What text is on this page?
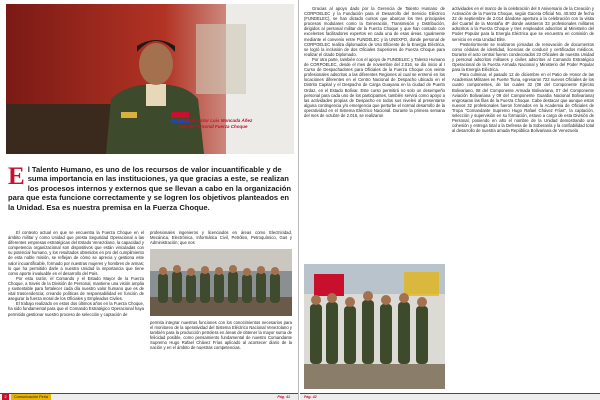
Coronel Víctor Luis Moncada Áñez
Jefe de Personal Fuerza Choque
El Talento Humano, es uno de los recursos de valor incuantificable y de suma importancia en las instituciones, ya que gracias a este, se realizan los procesos internos y externos que se llevan a cabo en la organización para que esta funcione correctamente y se logren los objetivos planteados en la Unidad. Esa es nuestra premisa en la Fuerza Choque.

El contexto actual en que se encuentra la Fuerza Choque en el ámbito militar y como Unidad que presta Seguridad Operacional a las diferentes empresas estratégicas del Estado Venezolano, la capacidad y competencia organizacional son dispositivos que están vinculadas con su potencial humano, y los resultados obtenidos en pro del cumplimiento de esta noble misión, se reflejan de cómo se aprecia y gestiona este valor incuantificable, formado por nuestras mujeres y hombres de armas; lo que ha permitido darle a nuestra Unidad la importancia que tiene como aporte invaluable en el desarrollo del País.

Por esta razón, el Comando y el Estado Mayor de la Fuerza Choque, a través de la División de Personal, mantiene una visión amplia y sustentable para fortalecer cada día nuestro valor humano que es de vital trascendencia; creando políticas de responsabilidad en función de asegurar la fuerza moral de los Oficiales y Empleados Civiles.

El trabajo realizado en estos dos últimos años en la Fuerza Choque, ha sido fundamental para que el Comando Estratégico Operacional haya permitido gestionar nuestro proceso de selección y captación de

profesionales ingenieros y licenciados en áreas como Electricidad, Mecánica, Electrónica, Informática Civil, Petróleo, Petroquímico, Gas y Administración; que nos

permita integrar nuestras funciones con los conocimientos necesarios para el monitoreo de la operatividad del Sistema Eléctrico Nacional Venezolano y también para la producción petrolera en áreas de obtener la mayor suma de felicidad posible, como pensamiento fundamental de nuestro Comandante Supremo Hugo Rafael Chávez Frías aplicado al acontecer diario de la nación y en el ámbito de nuestras competencias.

2	Comunicación Perla	Pág. 41

Gracias al apoyo dado por la Gerencia de Talento Humano de CORPOELEC y la Fundación para el Desarrollo del Servicio Eléctrico (FUNDELEC), se han dictado cursos que abarcan los tres principales procesos modulares como la Generación, Transmisión y Distribución, dirigidos al personal militar de la Fuerza Choque y que han contado con excelentes facilitadores expertos en cada una de esas áreas. Igualmente mediante el convenio entre FUNDELEC y la UNEXPO, donde personal de CORPOELEC realiza diplomados de Uso Eficiente de la Energía Eléctrica, se logró la inclusión de dos Oficiales Superiores de Fuerza Choque para realizar el citado Diplomado.

Por otra parte, también con el apoyo de FUNDELEC y Talento Humano de CORPOELEC, desde el mes de noviembre del 2.016, se dio inicio al I Curso de Despachadores para Oficiales de la Fuerza Choque con veinte profesionales adscritos a las diferentes Regiones al cual se entrenó en los locaciones diferentes en el Centro Nacional de Despacho ubicado en el Distrito Capital y el Despacho de Carga Guayana en la ciudad de Puerto Ordaz, en el Estado Bolívar. Este curso permitirá no solo un desempeño personal para cada uno de los participantes, también servirá como apoyo a las actividades propias de Despacho en todos sus niveles al presentarse alguna contingencia y/o emergencia que perturbe el normal desarrollo de la operatividad en el Sistema Eléctrico Nacional. Durante la primera semana del mes de octubre de 2.016, se realizaron

actividades en el marco de la celebración del II Aniversario de la Creación y Activación de la Fuerza Choque, según Gaceta Oficial No. 40.502 de fecha 22 de septiembre de 2.014 dándose apertura a la celebración con la visita del Cuartel de la Montaña 4F donde asistieron 33 profesionales militares adscritos a la Fuerza Choque y tres empleados adscritos al Ministerio del Poder Popular para la Energía Eléctrica que se encuentra en comisión de servicio en esta Unidad Elite.

Posteriormente se realizaron jornadas de renovación de documentos como cédulas de identidad, licencias de conducir y certificados médicos. Durante el acto central fueron condecorados 23 Oficiales de nuestra Unidad y personal adscritos militares y civiles adscritos al Comando Estratégico Operacional de la Fuerza Armada Nacional y Ministerio del Poder Popular para la Energía Eléctrica.

Para culminar, el pasado 12 de diciembre en el Patio de Honor de las Academias Militares en Fuerte Tiuna, egresaron 722 nuevos Oficiales de los cuatro componentes, de los cuales 32 (08 del Componente Ejército Bolivariano, 08 del Componente Armada Bolivariana, 07 del Componente Aviación Bolivariana y 09 del Componente Guardia Nacional Bolivariana) engrosaran las filas de la Fuerza Choque. Cabe destacar que aunque estos nuevos 32 profesionales fueron formados en la Academia de Oficiales de Tropa "Comandante Supremo Hugo Rafael Chávez Frías", la captación, selección y supervisión en su formación, estuvo a cargo de esta División de Personal, poniendo en alto el nombre de la Unidad demostrando una cohesión y entrega total a la Defensa de la Soberanía y la confiabilidad total al desarrollo de nuestra amada República Bolivariana de Venezuela

Pág. 42
